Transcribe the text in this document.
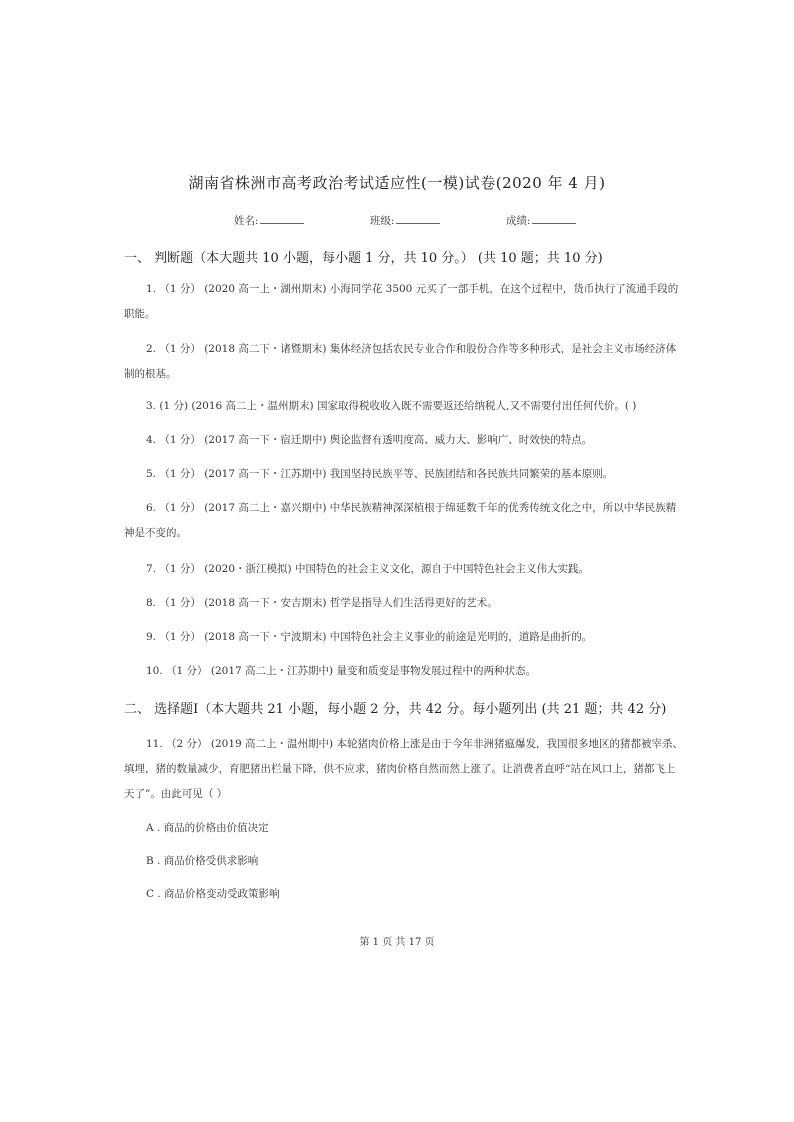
湖南省株洲市高考政治考试适应性(一模)试卷(2020 年 4 月)
姓名:	班级:	成绩:
一、 判断题（本大题共 10 小题，每小题 1 分，共 10 分。） (共 10 题；共 10 分)
1. （1 分） (2020 高一上・湖州期末) 小海同学花 3500 元买了一部手机，在这个过程中，货币执行了流通手段的职能。
2. （1 分） (2018 高二下・诸暨期末) 集体经济包括农民专业合作和股份合作等多种形式，是社会主义市场经济体制的根基。
3. (1 分) (2016 高二上・温州期末) 国家取得税收收入既不需要返还给纳税人,又不需要付出任何代价。( )
4. （1 分） (2017 高一下・宿迁期中) 舆论监督有透明度高、威力大、影响广、时效快的特点。
5. （1 分） (2017 高一下・江苏期中) 我国坚持民族平等、民族团结和各民族共同繁荣的基本原则。
6. （1 分） (2017 高二上・嘉兴期中) 中华民族精神深深植根于绵延数千年的优秀传统文化之中，所以中华民族精神是不变的。
7. （1 分） (2020・浙江模拟) 中国特色的社会主义文化，源自于中国特色社会主义伟大实践。
8. （1 分） (2018 高一下・安吉期末) 哲学是指导人们生活得更好的艺术。
9. （1 分） (2018 高一下・宁波期末) 中国特色社会主义事业的前途是光明的，道路是曲折的。
10. （1 分） (2017 高二上・江苏期中) 量变和质变是事物发展过程中的两种状态。
二、 选择题Ⅰ（本大题共 21 小题，每小题 2 分，共 42 分。每小题列出 (共 21 题；共 42 分)
11. （2 分） (2019 高二上・温州期中) 本轮猪肉价格上涨是由于今年非洲猪瘟爆发，我国很多地区的猪都被宰杀、填埋，猪的数量减少，育肥猪出栏量下降，供不应求，猪肉价格自然而然上涨了。让消费者直呼“站在风口上，猪都飞上天了”。由此可见（ ）
A . 商品的价格由价值决定
B . 商品价格受供求影响
C . 商品价格变动受政策影响
第 1 页 共 17 页
